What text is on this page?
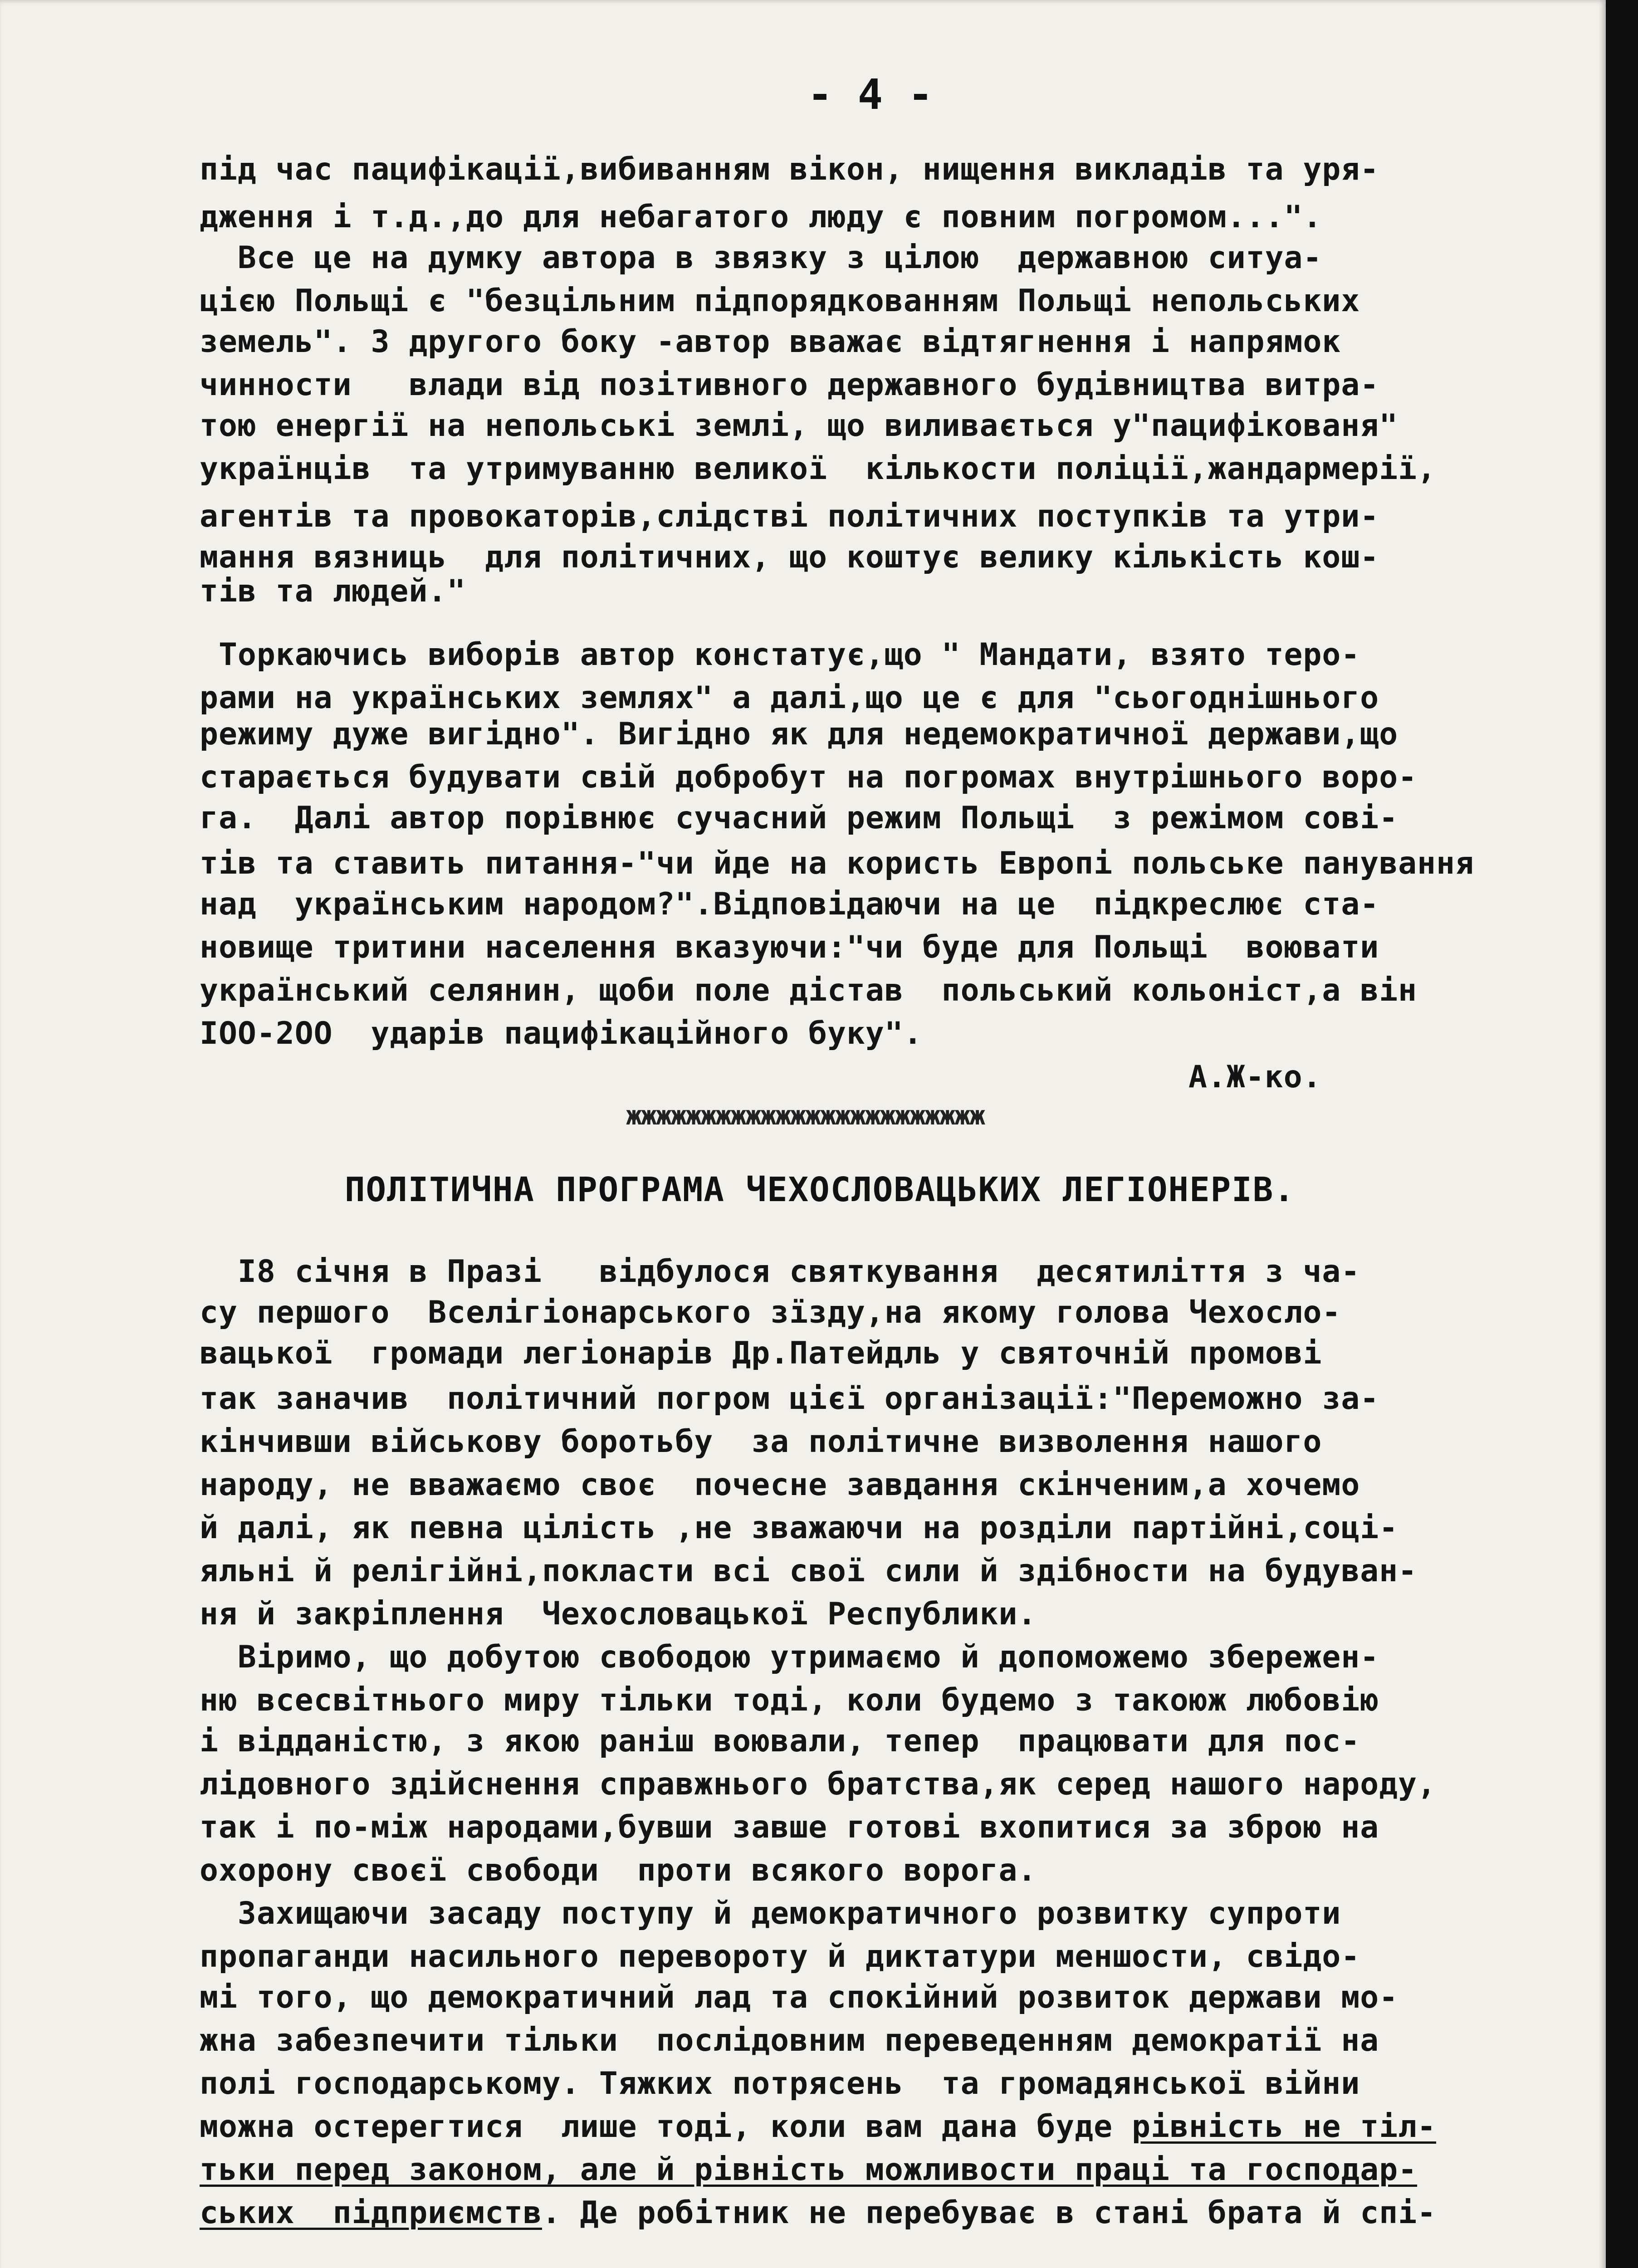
- 4 -
під час пацифікації,вибиванням вікон, нищення викладів та уря-
дження і т.д.,до для небагатого люду є повним погромом...".
Все це на думку автора в звязку з цілою  державною ситуа-
цією Польщі є "безцільним підпорядкованням Польщі непольських
земель". З другого боку -автор вважає відтягнення і напрямок
чинности   влади від позітивного державного будівництва витра-
тою енергії на непольські землі, що виливається у"пацифікованя"
українців  та утримуванню великої  кількости поліції,жандармерії,
агентів та провокаторів,слідстві політичних поступків та утри-
мання вязниць  для політичних, що коштує велику кількість кош-
тів та людей."
Торкаючись виборів автор констатує,що " Мандати, взято теро-
рами на українських землях" а далі,що це є для "сьогоднішнього
режиму дуже вигідно". Вигідно як для недемократичної держави,що
старається будувати свій добробут на погромах внутрішнього воро-
га.  Далі автор порівнює сучасний режим Польщі  з режімом сові-
тів та ставить питання-"чи йде на користь Европі польське панування
над  українським народом?".Відповідаючи на це  підкреслює ста-
новище тритини населення вказуючи:"чи буде для Польщі  воювати
український селянин, щоби поле дістав  польський кольоніст,а він
ІОО-2ОО  ударів пацифікаційного буку".
А.Ж-ко.
жжжжжжжжжжжжжжжжжжжжжжжж
ПОЛІТИЧНА ПРОГРАМА ЧЕХОСЛОВАЦЬКИХ ЛЕГІОНЕРІВ.
І8 січня в Празі   відбулося святкування  десятиліття з ча-
су першого  Вселігіонарського зїзду,на якому голова Чехосло-
вацької  громади легіонарів Др.Патейдль у святочній промові
так заначив  політичний погром цієї організації:"Переможно за-
кінчивши військову боротьбу  за політичне визволення нашого
народу, не вважаємо своє  почесне завдання скінченим,а хочемо
й далі, як певна цілість ,не зважаючи на розділи партійні,соці-
яльні й релігійні,покласти всі свої сили й здібности на будуван-
ня й закріплення  Чехословацької Республики.
Віримо, що добутою свободою утримаємо й допоможемо збережен-
ню всесвітнього миру тільки тоді, коли будемо з такоюж любовію
і відданістю, з якою раніш воювали, тепер  працювати для пос-
лідовного здійснення справжнього братства,як серед нашого народу,
так і по-між народами,бувши завше готові вхопитися за зброю на
охорону своєї свободи  проти всякого ворога.
Захищаючи засаду поступу й демократичного розвитку супроти
пропаганди насильного перевороту й диктатури меншости, свідо-
мі того, що демократичний лад та спокійний розвиток держави мо-
жна забезпечити тільки  послідовним переведенням демократії на
полі господарському. Тяжких потрясень  та громадянської війни
можна остерегтися  лише тоді, коли вам дана буде рівність не тіл-
тьки перед законом, але й рівність можливости праці та господар-
ських  підприємств. Де робітник не перебуває в стані брата й спі-
